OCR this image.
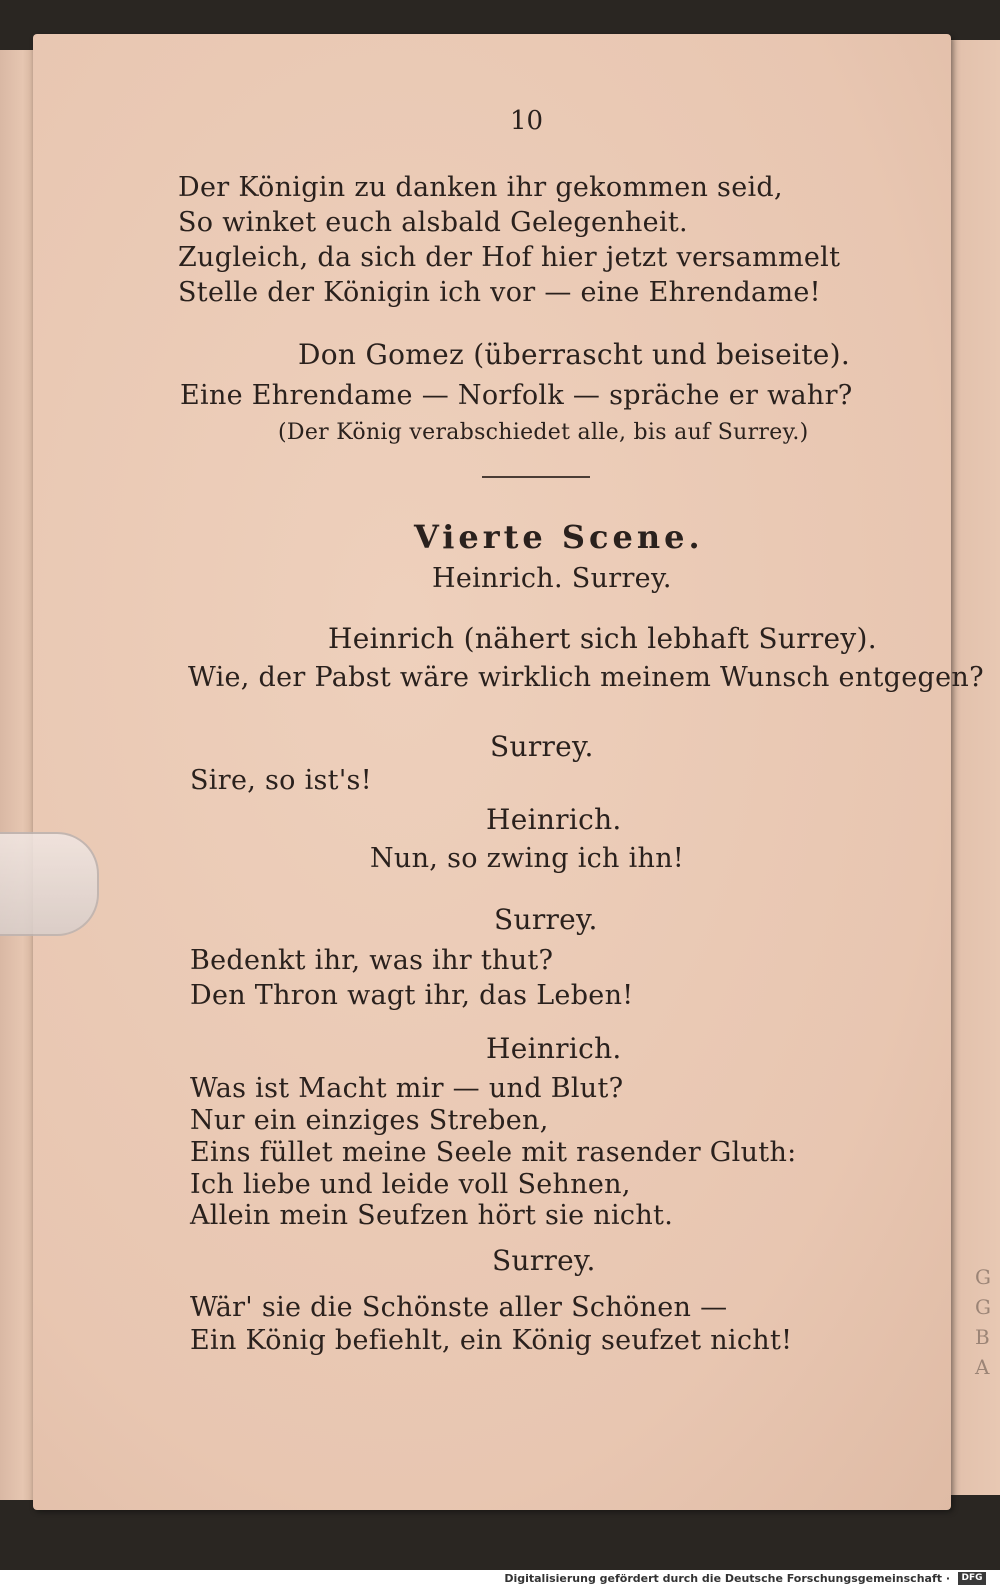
G
G
B
A
10
Der Königin zu danken ihr gekommen seid,
So winket euch alsbald Gelegenheit.
Zugleich, da sich der Hof hier jetzt versammelt
Stelle der Königin ich vor — eine Ehrendame!
Don Gomez (überrascht und beiseite).
Eine Ehrendame — Norfolk — spräche er wahr?
(Der König verabschiedet alle, bis auf Surrey.)
Vierte Scene.
Heinrich. Surrey.
Heinrich (nähert sich lebhaft Surrey).
Wie, der Pabst wäre wirklich meinem Wunsch entgegen?
Surrey.
Sire, so ist's!
Heinrich.
Nun, so zwing ich ihn!
Surrey.
Bedenkt ihr, was ihr thut?
Den Thron wagt ihr, das Leben!
Heinrich.
Was ist Macht mir — und Blut?
Nur ein einziges Streben,
Eins füllet meine Seele mit rasender Gluth:
Ich liebe und leide voll Sehnen,
Allein mein Seufzen hört sie nicht.
Surrey.
Wär' sie die Schönste aller Schönen —
Ein König befiehlt, ein König seufzet nicht!
Digitalisierung gefördert durch die Deutsche Forschungsgemeinschaft ·	DFG
